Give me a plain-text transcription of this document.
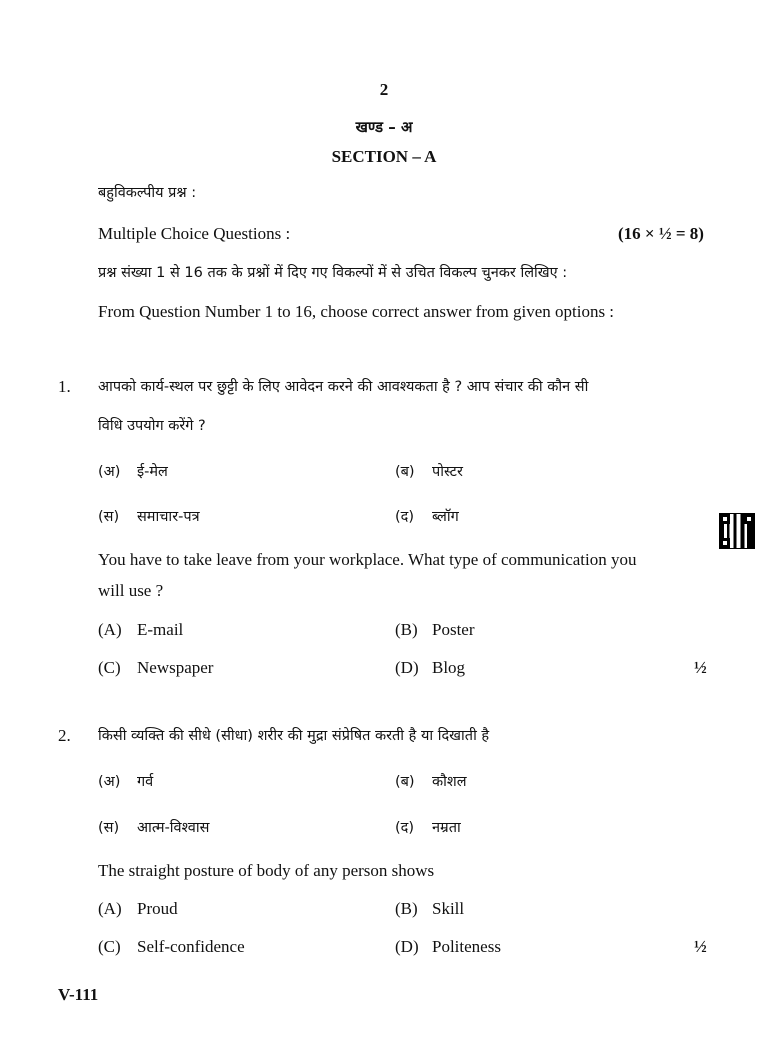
2
खण्ड – अ
SECTION – A
बहुविकल्पीय प्रश्न :
Multiple Choice Questions :	(16 × ½ = 8)
प्रश्न संख्या 1 से 16 तक के प्रश्नों में दिए गए विकल्पों में से उचित विकल्प चुनकर लिखिए :
From Question Number 1 to 16, choose correct answer from given options :
1. आपको कार्य-स्थल पर छुट्टी के लिए आवेदन करने की आवश्यकता है ? आप संचार की कौन सी
विधि उपयोग करेंगे ?
(अ) ई-मेल	(ब) पोस्टर
(स) समाचार-पत्र	(द) ब्लॉग
You have to take leave from your workplace. What type of communication you
will use ?
(A) E-mail	(B) Poster
(C) Newspaper	(D) Blog	½
2. किसी व्यक्ति की सीधे (सीधा) शरीर की मुद्रा संप्रेषित करती है या दिखाती है
(अ) गर्व	(ब) कौशल
(स) आत्म-विश्वास	(द) नम्रता
The straight posture of body of any person shows
(A) Proud	(B) Skill
(C) Self-confidence	(D) Politeness	½
V-111
